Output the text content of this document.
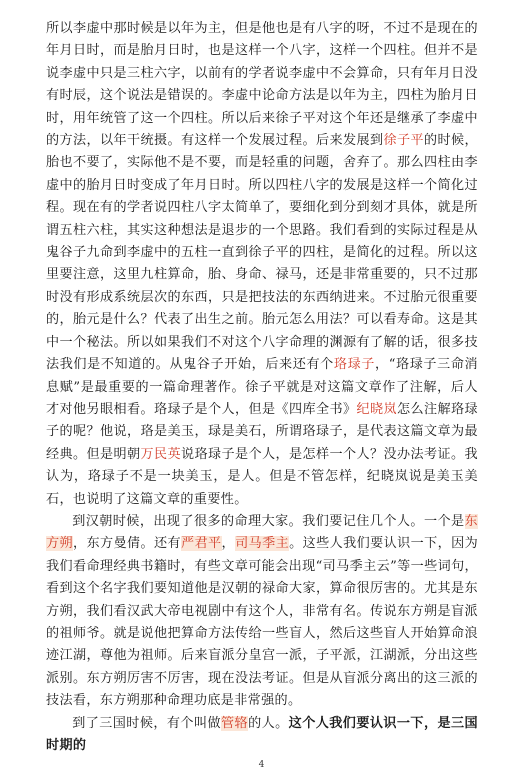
所以李虚中那时候是以年为主，但是他也是有八字的呀，不过不是现在的年月日时，而是胎月日时，也是这样一个八字，这样一个四柱。但并不是说李虚中只是三柱六字，以前有的学者说李虚中不会算命，只有年月日没有时辰，这个说法是错误的。李虚中论命方法是以年为主，四柱为胎月日时，用年统管了这一个四柱。所以后来徐子平对这个年还是继承了李虚中的方法，以年干统摄。有这样一个发展过程。后来发展到徐子平的时候，胎也不要了，实际他不是不要，而是轻重的问题，舍弃了。那么四柱由李虚中的胎月日时变成了年月日时。所以四柱八字的发展是这样一个简化过程。现在有的学者说四柱八字太简单了，要细化到分到刻才具体，就是所谓五柱六柱，其实这种想法是退步的一个思路。我们看到的实际过程是从鬼谷子九命到李虚中的五柱一直到徐子平的四柱，是简化的过程。所以这里要注意，这里九柱算命，胎、身命、禄马，还是非常重要的，只不过那时没有形成系统层次的东西，只是把技法的东西纳进来。不过胎元很重要的，胎元是什么？代表了出生之前。胎元怎么用法？可以看寿命。这是其中一个秘法。所以如果我们不对这个八字命理的渊源有了解的话，很多技法我们是不知道的。从鬼谷子开始，后来还有个珞琭子，“珞琭子三命消息赋”是最重要的一篇命理著作。徐子平就是对这篇文章作了注解，后人才对他另眼相看。珞琭子是个人，但是《四库全书》纪晓岚怎么注解珞琭子的呢？他说，珞是美玉，琭是美石，所谓珞琭子，是代表这篇文章为最经典。但是明朝万民英说珞琭子是个人，是怎样一个人？没办法考证。我认为，珞琭子不是一块美玉，是人。但是不管怎样，纪晓岚说是美玉美石，也说明了这篇文章的重要性。

到汉朝时候，出现了很多的命理大家。我们要记住几个人。一个是东方朔，东方曼倩。还有严君平，司马季主。这些人我们要认识一下，因为我们看命理经典书籍时，有些文章可能会出现“司马季主云”等一些词句，看到这个名字我们要知道他是汉朝的禄命大家，算命很厉害的。尤其是东方朔，我们看汉武大帝电视剧中有这个人，非常有名。传说东方朔是盲派的祖师爷。就是说他把算命方法传给一些盲人，然后这些盲人开始算命浪迹江湖，尊他为祖师。后来盲派分皇宫一派，子平派，江湖派，分出这些派别。东方朔厉害不厉害，现在没法考证。但是从盲派分离出的这三派的技法看，东方朔那种命理功底是非常强的。

到了三国时候，有个叫做管辂的人。这个人我们要认识一下，是三国时期的

4
